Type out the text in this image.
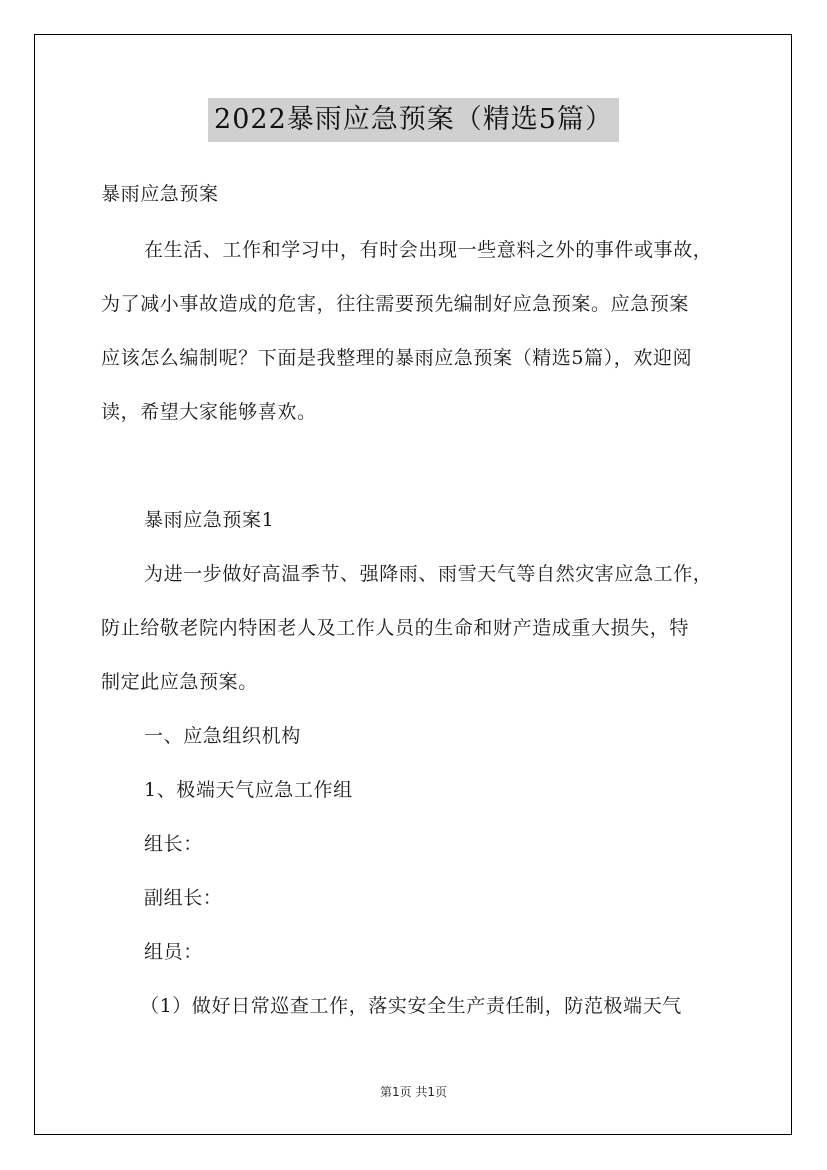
2022暴雨应急预案（精选5篇）
暴雨应急预案
在生活、工作和学习中，有时会出现一些意料之外的事件或事故，
为了减小事故造成的危害，往往需要预先编制好应急预案。应急预案
应该怎么编制呢？下面是我整理的暴雨应急预案（精选5篇），欢迎阅
读，希望大家能够喜欢。
暴雨应急预案1
为进一步做好高温季节、强降雨、雨雪天气等自然灾害应急工作，
防止给敬老院内特困老人及工作人员的生命和财产造成重大损失，特
制定此应急预案。
一、应急组织机构
1、极端天气应急工作组
组长：
副组长：
组员：
（1）做好日常巡查工作，落实安全生产责任制，防范极端天气
第1页 共1页
